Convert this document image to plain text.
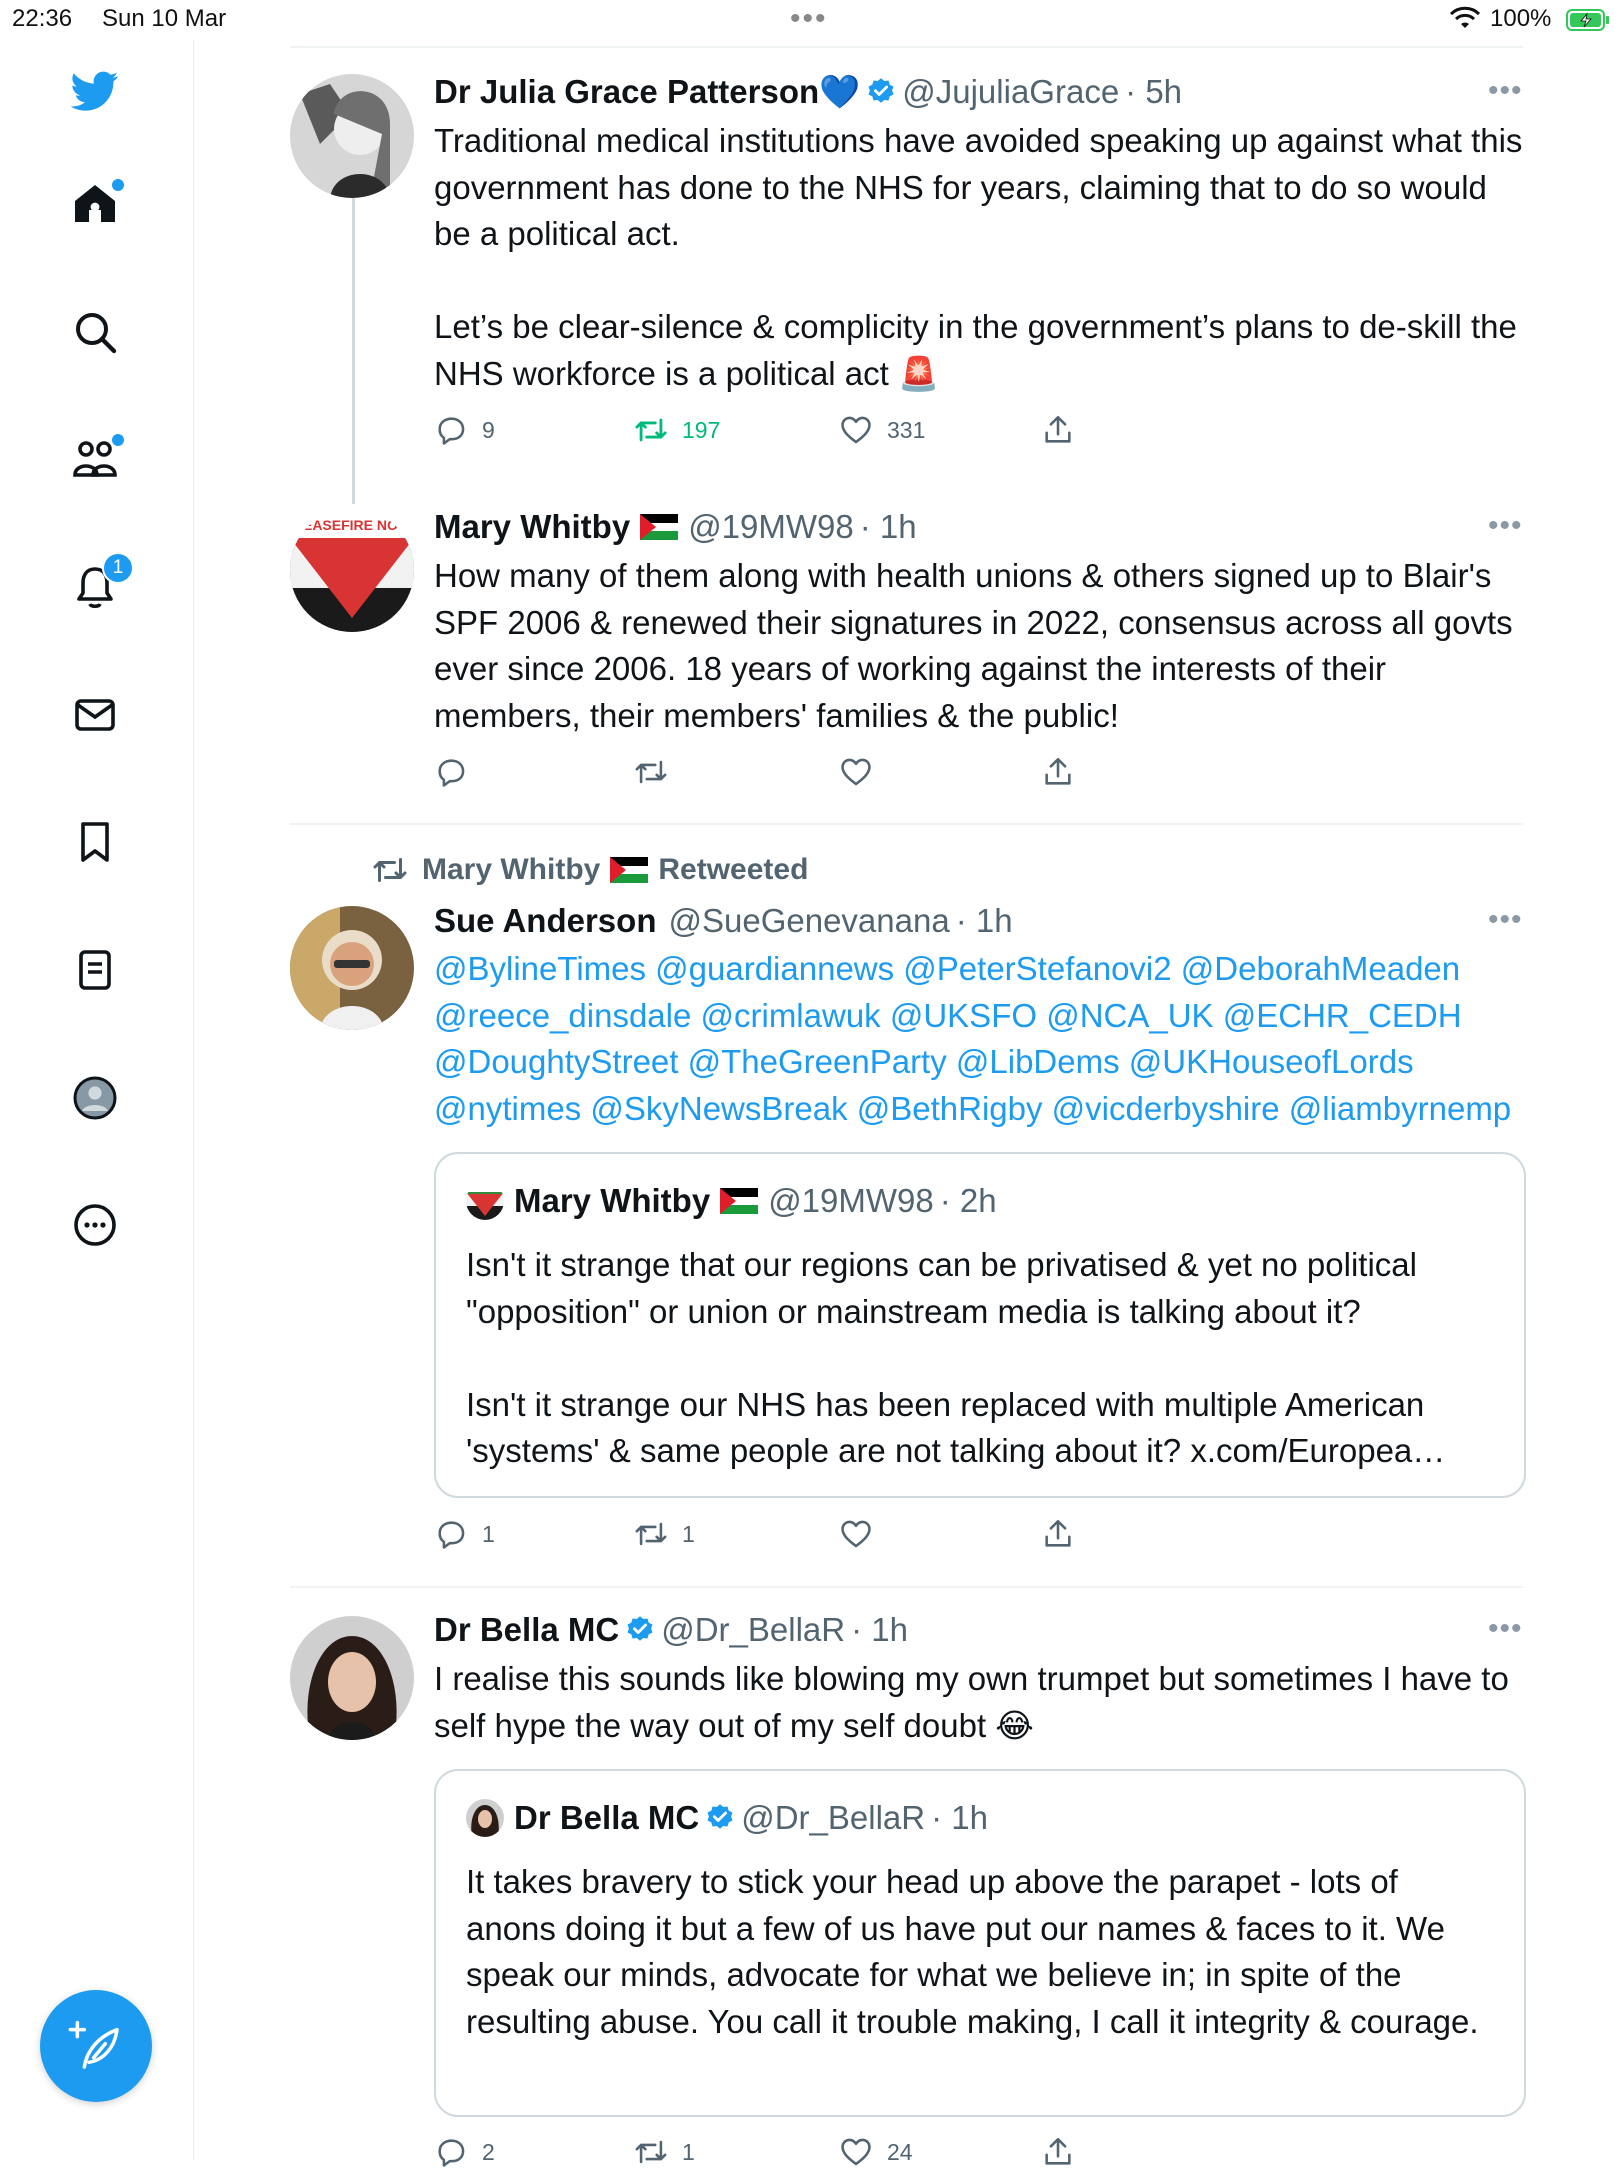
22:36 Sun 10 Mar	•••	100%
1
Dr Julia Grace Patterson💙 @JujuliaGrace · 5h	•••
Traditional medical institutions have avoided speaking up against what this government has done to the NHS for years, claiming that to do so would be a political act.

Let’s be clear-silence & complicity in the government’s plans to de-skill the NHS workforce is a political act 🚨
9	197	331
CEASEFIRE NOW Mary Whitby @19MW98 · 1h	•••
How many of them along with health unions & others signed up to Blair's SPF 2006 & renewed their signatures in 2022, consensus across all govts ever since 2006. 18 years of working against the interests of their members, their members' families & the public!
Mary Whitby Retweeted
Sue Anderson @SueGenevanana · 1h	•••
@BylineTimes @guardiannews @PeterStefanovi2 @DeborahMeaden @reece_dinsdale @crimlawuk @UKSFO @NCA_UK @ECHR_CEDH @DoughtyStreet @TheGreenParty @LibDems @UKHouseofLords @nytimes @SkyNewsBreak @BethRigby @vicderbyshire @liambyrnemp
Mary Whitby @19MW98 · 2h
Isn't it strange that our regions can be privatised & yet no political "opposition" or union or mainstream media is talking about it?

Isn't it strange our NHS has been replaced with multiple American 'systems' & same people are not talking about it? x.com/Europea…
1	1
Dr Bella MC @Dr_BellaR · 1h	•••
I realise this sounds like blowing my own trumpet but sometimes I have to self hype the way out of my self doubt 😂
Dr Bella MC @Dr_BellaR · 1h
It takes bravery to stick your head up above the parapet - lots of anons doing it but a few of us have put our names & faces to it. We speak our minds, advocate for what we believe in; in spite of the resulting abuse. You call it trouble making, I call it integrity & courage.
2	1	24
